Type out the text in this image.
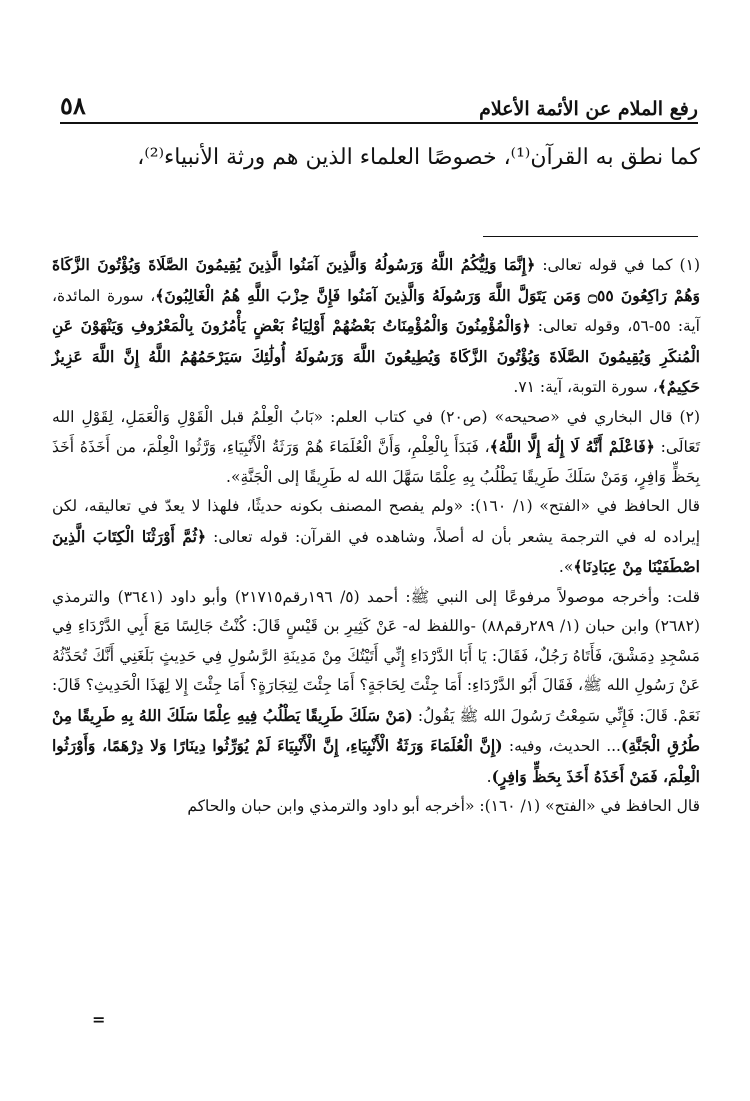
٥٨	رفع الملام عن الأئمة الأعلام
كما نطق به القرآن⁽¹⁾، خصوصًا العلماء الذين هم ورثة الأنبياء⁽²⁾،

(١) كما في قوله تعالى: ﴿إِنَّمَا وَلِيُّكُمُ اللَّهُ وَرَسُولُهُ وَالَّذِينَ آمَنُوا الَّذِينَ يُقِيمُونَ الصَّلَاةَ وَيُؤْتُونَ الزَّكَاةَ وَهُمْ رَاكِعُونَ ۝٥٥ وَمَن يَتَوَلَّ اللَّهَ وَرَسُولَهُ وَالَّذِينَ آمَنُوا فَإِنَّ حِزْبَ اللَّهِ هُمُ الْغَالِبُونَ﴾، سورة المائدة، آية: ٥٥-٥٦، وقوله تعالى: ﴿وَالْمُؤْمِنُونَ وَالْمُؤْمِنَاتُ بَعْضُهُمْ أَوْلِيَاءُ بَعْضٍ يَأْمُرُونَ بِالْمَعْرُوفِ وَيَنْهَوْنَ عَنِ الْمُنكَرِ وَيُقِيمُونَ الصَّلَاةَ وَيُؤْتُونَ الزَّكَاةَ وَيُطِيعُونَ اللَّهَ وَرَسُولَهُ أُولَٰئِكَ سَيَرْحَمُهُمُ اللَّهُ إِنَّ اللَّهَ عَزِيزٌ حَكِيمٌ﴾، سورة التوبة، آية: ٧١.

(٢) قال البخاري في «صحيحه» (ص٢٠) في كتاب العلم: «بَابُ الْعِلْمُ قبل الْقَوْلِ وَالْعَمَلِ، لِقَوْلِ الله تَعَالَى: ﴿فَاعْلَمْ أَنَّهُ لَا إِلَٰهَ إِلَّا اللَّهُ﴾، فَبَدَأَ بِالْعِلْمِ، وَأَنَّ الْعُلَمَاءَ هُمْ وَرَثَةُ الْأَنْبِيَاءِ، وَرَّثُوا الْعِلْمَ، من أَخَذَهُ أَخَذَ بِحَظٍّ وَافِرٍ، وَمَنْ سَلَكَ طَرِيقًا يَطْلُبُ بِهِ عِلْمًا سَهَّلَ الله له طَرِيقًا إلى الْجَنَّةِ».

قال الحافظ في «الفتح» (١/ ١٦٠): «ولم يفصح المصنف بكونه حديثًا، فلهذا لا يعدّ في تعاليقه، لكن إيراده له في الترجمة يشعر بأن له أصلاً، وشاهده في القرآن: قوله تعالى: ﴿ثُمَّ أَوْرَثْنَا الْكِتَابَ الَّذِينَ اصْطَفَيْنَا مِنْ عِبَادِنَا﴾».

قلت: وأخرجه موصولاً مرفوعًا إلى النبي ﷺ: أحمد (٥/ ١٩٦رقم٢١٧١٥) وأبو داود (٣٦٤١) والترمذي (٢٦٨٢) وابن حبان (١/ ٢٨٩رقم٨٨) -واللفظ له- عَنْ كَثِيرِ بن قَيْسٍ قَالَ: كُنْتُ جَالِسًا مَعَ أَبِي الدَّرْدَاءِ فِي مَسْجِدِ دِمَشْقَ، فَأَتَاهُ رَجُلٌ، فَقَالَ: يَا أَبَا الدَّرْدَاءِ إِنِّي أَتَيْتُكَ مِنْ مَدِينَةِ الرَّسُولِ فِي حَدِيثٍ بَلَغَنِي أَنَّكَ تُحَدِّثُهُ عَنْ رَسُولِ الله ﷺ، فَقَالَ أَبُو الدَّرْدَاءِ: أَمَا جِئْتَ لِحَاجَةٍ؟ أَمَا جِئْتَ لِتِجَارَةٍ؟ أَمَا جِئْتَ إِلا لِهَذَا الْحَدِيثِ؟ قَالَ: نَعَمْ. قَالَ: فَإِنِّي سَمِعْتُ رَسُولَ الله ﷺ يَقُولُ: (مَنْ سَلَكَ طَرِيقًا يَطْلُبُ فِيهِ عِلْمًا سَلَكَ اللهُ بِهِ طَرِيقًا مِنْ طُرُقِ الْجَنَّةِ)... الحديث، وفيه: (إِنَّ الْعُلَمَاءَ وَرَثَةُ الْأَنْبِيَاءِ، إِنَّ الْأَنْبِيَاءَ لَمْ يُوَرِّثُوا دِينَارًا وَلا دِرْهَمًا، وَأَوْرَثُوا الْعِلْمَ، فَمَنْ أَخَذَهُ أَخَذَ بِحَظٍّ وَافِرٍ).

قال الحافظ في «الفتح» (١/ ١٦٠): «أخرجه أبو داود والترمذي وابن حبان والحاكم

=
